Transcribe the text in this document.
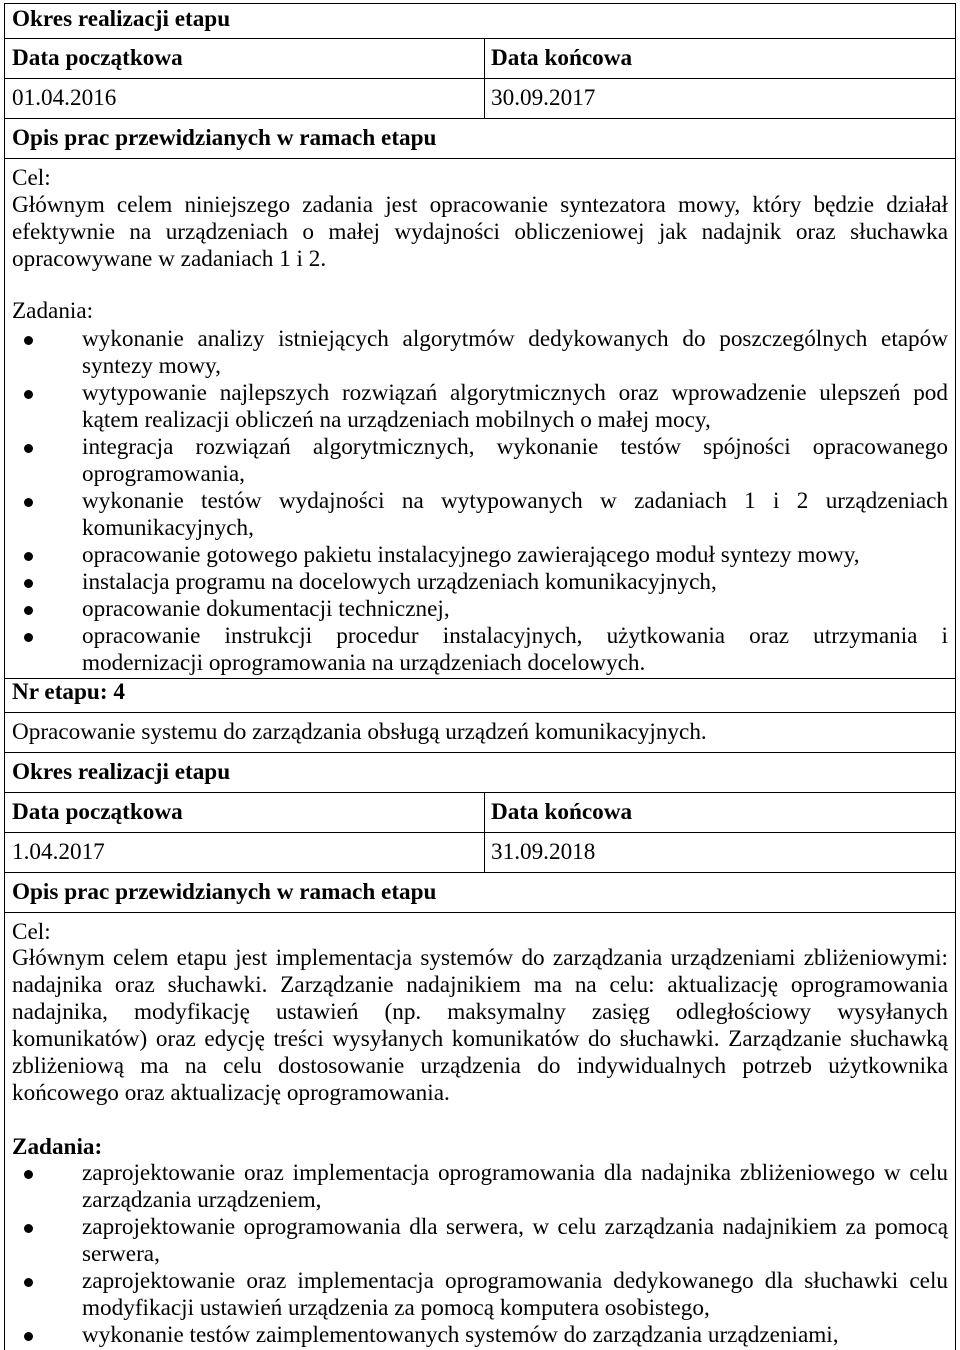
Okres realizacji etapu
Data początkowa	Data końcowa
01.04.2016	30.09.2017
Opis prac przewidzianych w ramach etapu
Cel:
Głównym celem niniejszego zadania jest opracowanie syntezatora mowy, który będzie działał
efektywnie na urządzeniach o małej wydajności obliczeniowej jak nadajnik oraz słuchawka
opracowywane w zadaniach 1 i 2.
Zadania:
wykonanie analizy istniejących algorytmów dedykowanych do poszczególnych etapów
syntezy mowy,
wytypowanie najlepszych rozwiązań algorytmicznych oraz wprowadzenie ulepszeń pod
kątem realizacji obliczeń na urządzeniach mobilnych o małej mocy,
integracja rozwiązań algorytmicznych, wykonanie testów spójności opracowanego
oprogramowania,
wykonanie testów wydajności na wytypowanych w zadaniach 1 i 2 urządzeniach
komunikacyjnych,
opracowanie gotowego pakietu instalacyjnego zawierającego moduł syntezy mowy,
instalacja programu na docelowych urządzeniach komunikacyjnych,
opracowanie dokumentacji technicznej,
opracowanie instrukcji procedur instalacyjnych, użytkowania oraz utrzymania i
modernizacji oprogramowania na urządzeniach docelowych.
Nr etapu: 4
Opracowanie systemu do zarządzania obsługą urządzeń komunikacyjnych.
Okres realizacji etapu
Data początkowa	Data końcowa
1.04.2017	31.09.2018
Opis prac przewidzianych w ramach etapu
Cel:
Głównym celem etapu jest implementacja systemów do zarządzania urządzeniami zbliżeniowymi:
nadajnika oraz słuchawki. Zarządzanie nadajnikiem ma na celu: aktualizację oprogramowania
nadajnika, modyfikację ustawień (np. maksymalny zasięg odległościowy wysyłanych
komunikatów) oraz edycję treści wysyłanych komunikatów do słuchawki. Zarządzanie słuchawką
zbliżeniową ma na celu dostosowanie urządzenia do indywidualnych potrzeb użytkownika
końcowego oraz aktualizację oprogramowania.
Zadania:
zaprojektowanie oraz implementacja oprogramowania dla nadajnika zbliżeniowego w celu
zarządzania urządzeniem,
zaprojektowanie oprogramowania dla serwera, w celu zarządzania nadajnikiem za pomocą
serwera,
zaprojektowanie oraz implementacja oprogramowania dedykowanego dla słuchawki celu
modyfikacji ustawień urządzenia za pomocą komputera osobistego,
wykonanie testów zaimplementowanych systemów do zarządzania urządzeniami,
